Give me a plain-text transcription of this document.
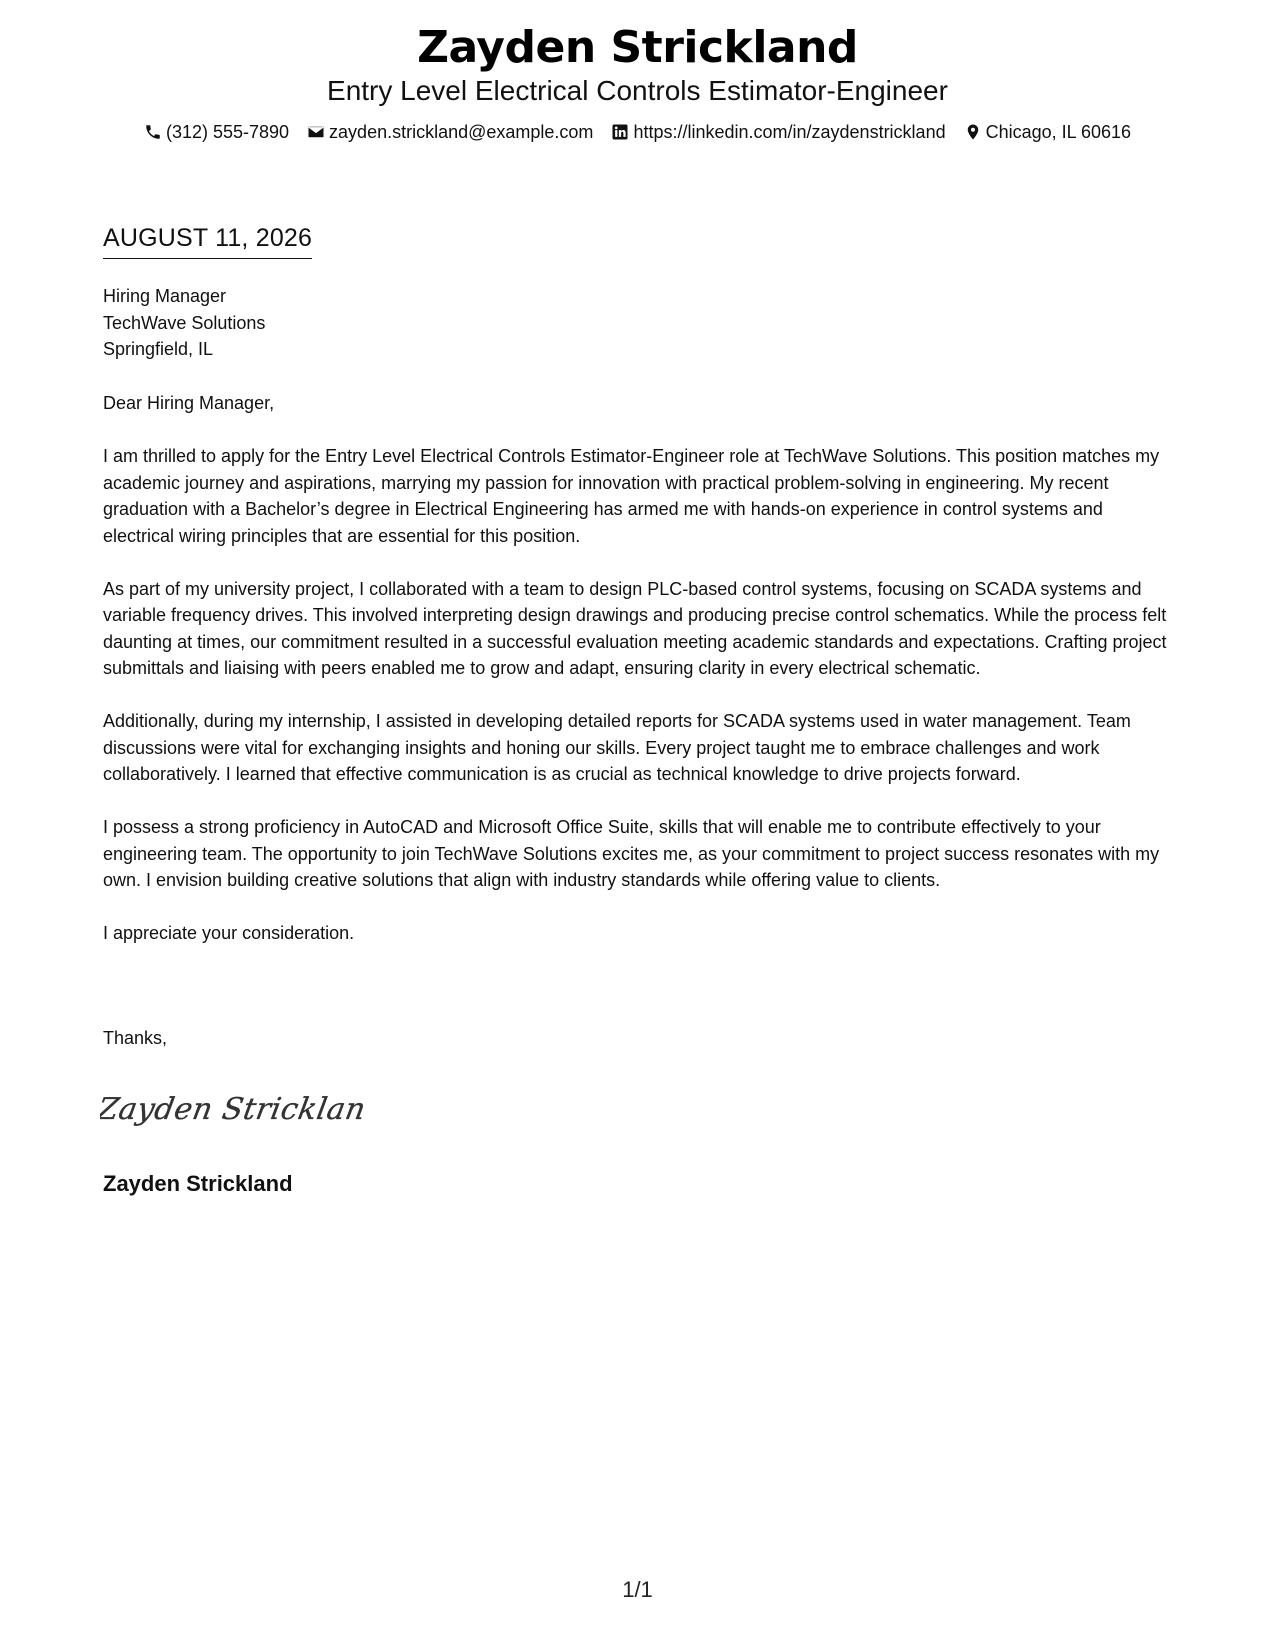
Zayden Strickland
Entry Level Electrical Controls Estimator-Engineer
(312) 555-7890 zayden.strickland@example.com https://linkedin.com/in/zaydenstrickland Chicago, IL 60616
AUGUST 11, 2026
Hiring Manager
TechWave Solutions
Springfield, IL

Dear Hiring Manager,

I am thrilled to apply for the Entry Level Electrical Controls Estimator-Engineer role at TechWave Solutions. This position matches my academic journey and aspirations, marrying my passion for innovation with practical problem-solving in engineering. My recent graduation with a Bachelor’s degree in Electrical Engineering has armed me with hands-on experience in control systems and electrical wiring principles that are essential for this position.

As part of my university project, I collaborated with a team to design PLC-based control systems, focusing on SCADA systems and variable frequency drives. This involved interpreting design drawings and producing precise control schematics. While the process felt daunting at times, our commitment resulted in a successful evaluation meeting academic standards and expectations. Crafting project submittals and liaising with peers enabled me to grow and adapt, ensuring clarity in every electrical schematic.

Additionally, during my internship, I assisted in developing detailed reports for SCADA systems used in water management. Team discussions were vital for exchanging insights and honing our skills. Every project taught me to embrace challenges and work collaboratively. I learned that effective communication is as crucial as technical knowledge to drive projects forward.

I possess a strong proficiency in AutoCAD and Microsoft Office Suite, skills that will enable me to contribute effectively to your engineering team. The opportunity to join TechWave Solutions excites me, as your commitment to project success resonates with my own. I envision building creative solutions that align with industry standards while offering value to clients.

I appreciate your consideration.

Thanks,
Zayden Stricklan
Zayden Strickland
1/1
